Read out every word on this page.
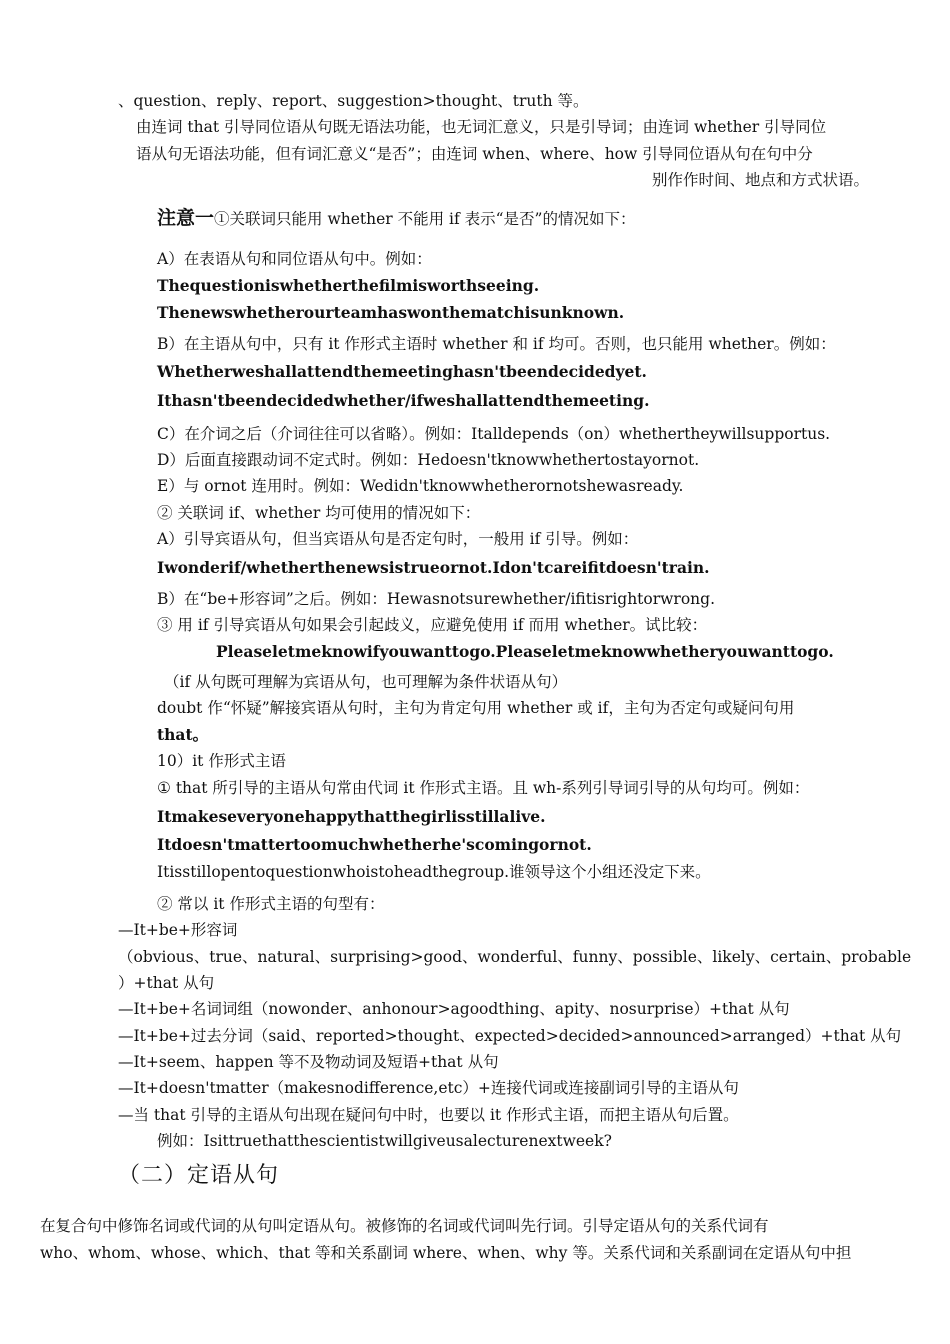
、question、reply、report、suggestion>thought、truth 等。
由连词 that 引导同位语从句既无语法功能，也无词汇意义，只是引导词；由连词 whether 引导同位
语从句无语法功能，但有词汇意义“是否”；由连词 when、where、how 引导同位语从句在句中分
别作作时间、地点和方式状语。
注意一①关联词只能用 whether 不能用 if 表示“是否”的情况如下：
A）在表语从句和同位语从句中。例如：
Thequestioniswhetherthefilmisworthseeing.
Thenewswhetherourteamhaswonthematchisunknown.
B）在主语从句中，只有 it 作形式主语时 whether 和 if 均可。否则，也只能用 whether。例如：
Whetherweshallattendthemeetinghasn'tbeendecidedyet.
Ithasn'tbeendecidedwhether/ifweshallattendthemeeting.
C）在介词之后（介词往往可以省略）。例如：Italldepends（on）whethertheywillsupportus.
D）后面直接跟动词不定式时。例如：Hedoesn'tknowwhethertostayornot.
E）与 ornot 连用时。例如：Wedidn'tknowwhetherornotshewasready.
② 关联词 if、whether 均可使用的情况如下：
A）引导宾语从句，但当宾语从句是否定句时，一般用 if 引导。例如：
Iwonderif/whetherthenewsistrueornot.Idon'tcareifitdoesn'train.
B）在“be+形容词”之后。例如：Hewasnotsurewhether/ifitisrightorwrong.
③ 用 if 引导宾语从句如果会引起歧义，应避免使用 if 而用 whether。试比较：
Pleaseletmeknowifyouwanttogo.Pleaseletmeknowwhetheryouwanttogo.
（if 从句既可理解为宾语从句，也可理解为条件状语从句）
doubt 作“怀疑”解接宾语从句时，主句为肯定句用 whether 或 if，主句为否定句或疑问句用
that。
10）it 作形式主语
① that 所引导的主语从句常由代词 it 作形式主语。且 wh-系列引导词引导的从句均可。例如：
Itmakeseveryonehappythatthegirlisstillalive.
Itdoesn'tmattertoomuchwhetherhe'scomingornot.
Itisstillopentoquestionwhoistoheadthegroup.谁领导这个小组还没定下来。
② 常以 it 作形式主语的句型有：
—It+be+形容词
（obvious、true、natural、surprising>good、wonderful、funny、possible、likely、certain、probable
）+that 从句
—It+be+名词词组（nowonder、anhonour>agoodthing、apity、nosurprise）+that 从句
—It+be+过去分词（said、reported>thought、expected>decided>announced>arranged）+that 从句
—It+seem、happen 等不及物动词及短语+that 从句
—It+doesn'tmatter（makesnodifference,etc）+连接代词或连接副词引导的主语从句
—当 that 引导的主语从句出现在疑问句中时，也要以 it 作形式主语，而把主语从句后置。
例如：Isittruethatthescientistwillgiveusalecturenextweek?
（二）定语从句
在复合句中修饰名词或代词的从句叫定语从句。被修饰的名词或代词叫先行词。引导定语从句的关系代词有
who、whom、whose、which、that 等和关系副词 where、when、why 等。关系代词和关系副词在定语从句中担
